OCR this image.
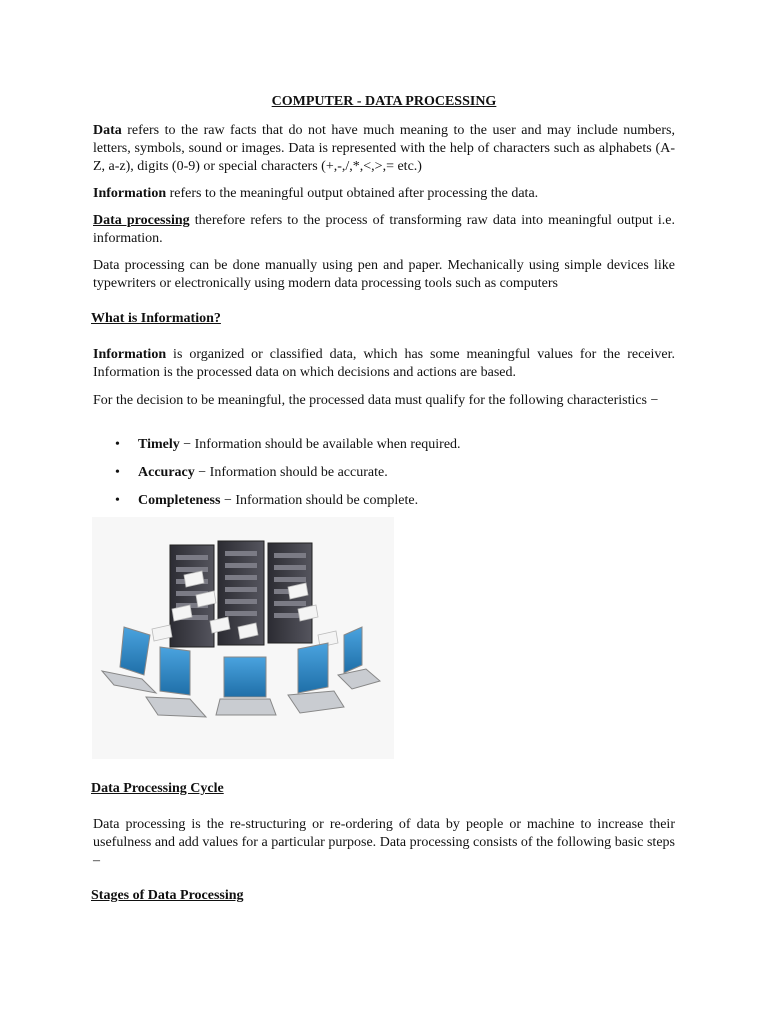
COMPUTER - DATA PROCESSING

Data refers to the raw facts that do not have much meaning to the user and may include numbers, letters, symbols, sound or images. Data is represented with the help of characters such as alphabets (A-Z, a-z), digits (0-9) or special characters (+,-,/,*,<,>,= etc.)

Information refers to the meaningful output obtained after processing the data.

Data processing therefore refers to the process of transforming raw data into meaningful output i.e. information.

Data processing can be done manually using pen and paper. Mechanically using simple devices like typewriters or electronically using modern data processing tools such as computers

What is Information?

Information is organized or classified data, which has some meaningful values for the receiver. Information is the processed data on which decisions and actions are based.

For the decision to be meaningful, the processed data must qualify for the following characteristics −

• Timely − Information should be available when required.
• Accuracy − Information should be accurate.
• Completeness − Information should be complete.
Data Processing Cycle

Data processing is the re-structuring or re-ordering of data by people or machine to increase their usefulness and add values for a particular purpose. Data processing consists of the following basic steps –

Stages of Data Processing
